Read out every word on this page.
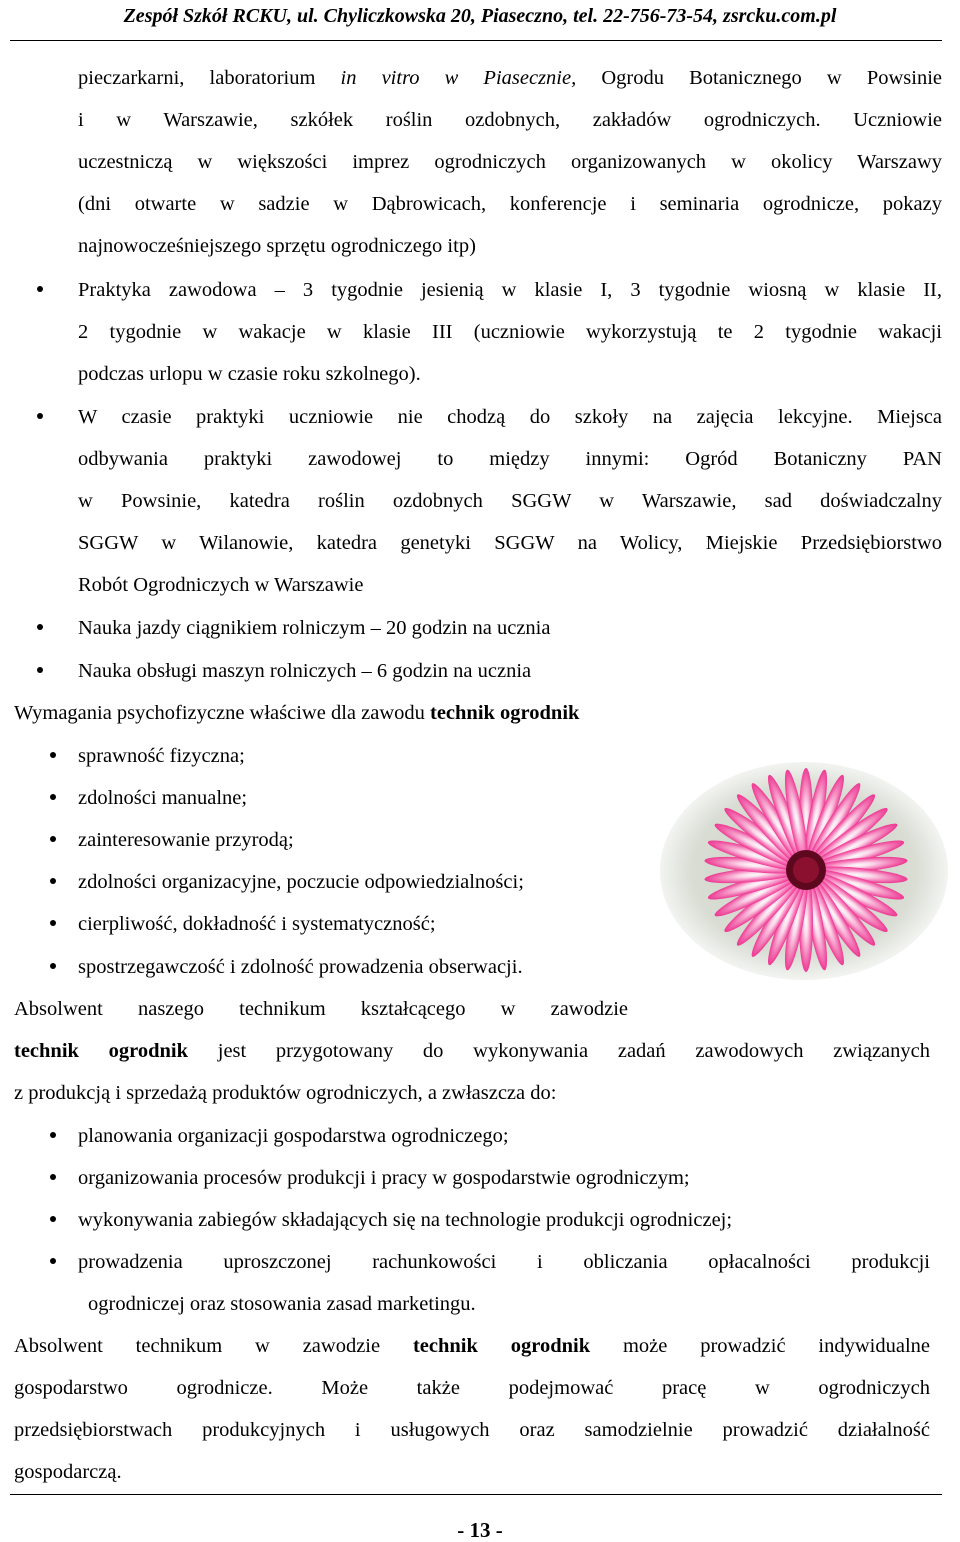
Zespół Szkół RCKU, ul. Chyliczkowska 20, Piaseczno, tel. 22-756-73-54, zsrcku.com.pl
pieczarkarni, laboratorium in vitro w Piasecznie, Ogrodu Botanicznego w Powsinie
i w Warszawie, szkółek roślin ozdobnych, zakładów ogrodniczych. Uczniowie
uczestniczą w większości imprez ogrodniczych organizowanych w okolicy Warszawy
(dni otwarte w sadzie w Dąbrowicach, konferencje i seminaria ogrodnicze, pokazy
najnowocześniejszego sprzętu ogrodniczego itp)
Praktyka zawodowa – 3 tygodnie jesienią w klasie I, 3 tygodnie wiosną w klasie II,
2 tygodnie w wakacje w klasie III (uczniowie wykorzystują te 2 tygodnie wakacji
podczas urlopu w czasie roku szkolnego).
W czasie praktyki uczniowie nie chodzą do szkoły na zajęcia lekcyjne. Miejsca
odbywania praktyki zawodowej to między innymi: Ogród Botaniczny PAN
w Powsinie, katedra roślin ozdobnych SGGW w Warszawie, sad doświadczalny
SGGW w Wilanowie, katedra genetyki SGGW na Wolicy, Miejskie Przedsiębiorstwo
Robót Ogrodniczych w Warszawie
Nauka jazdy ciągnikiem rolniczym – 20 godzin na ucznia
Nauka obsługi maszyn rolniczych – 6 godzin na ucznia
Wymagania psychofizyczne właściwe dla zawodu technik ogrodnik
sprawność fizyczna;
zdolności manualne;
zainteresowanie przyrodą;
zdolności organizacyjne, poczucie odpowiedzialności;
cierpliwość, dokładność i systematyczność;
spostrzegawczość i zdolność prowadzenia obserwacji.
Absolwent naszego technikum kształcącego w zawodzie
technik ogrodnik jest przygotowany do wykonywania zadań zawodowych związanych
z produkcją i sprzedażą produktów ogrodniczych, a zwłaszcza do:
planowania organizacji gospodarstwa ogrodniczego;
organizowania procesów produkcji i pracy w gospodarstwie ogrodniczym;
wykonywania zabiegów składających się na technologie produkcji ogrodniczej;
prowadzenia uproszczonej rachunkowości i obliczania opłacalności produkcji
ogrodniczej oraz stosowania zasad marketingu.
Absolwent technikum w zawodzie technik ogrodnik może prowadzić indywidualne
gospodarstwo ogrodnicze. Może także podejmować pracę w ogrodniczych
przedsiębiorstwach produkcyjnych i usługowych oraz samodzielnie prowadzić działalność
gospodarczą.
- 13 -
